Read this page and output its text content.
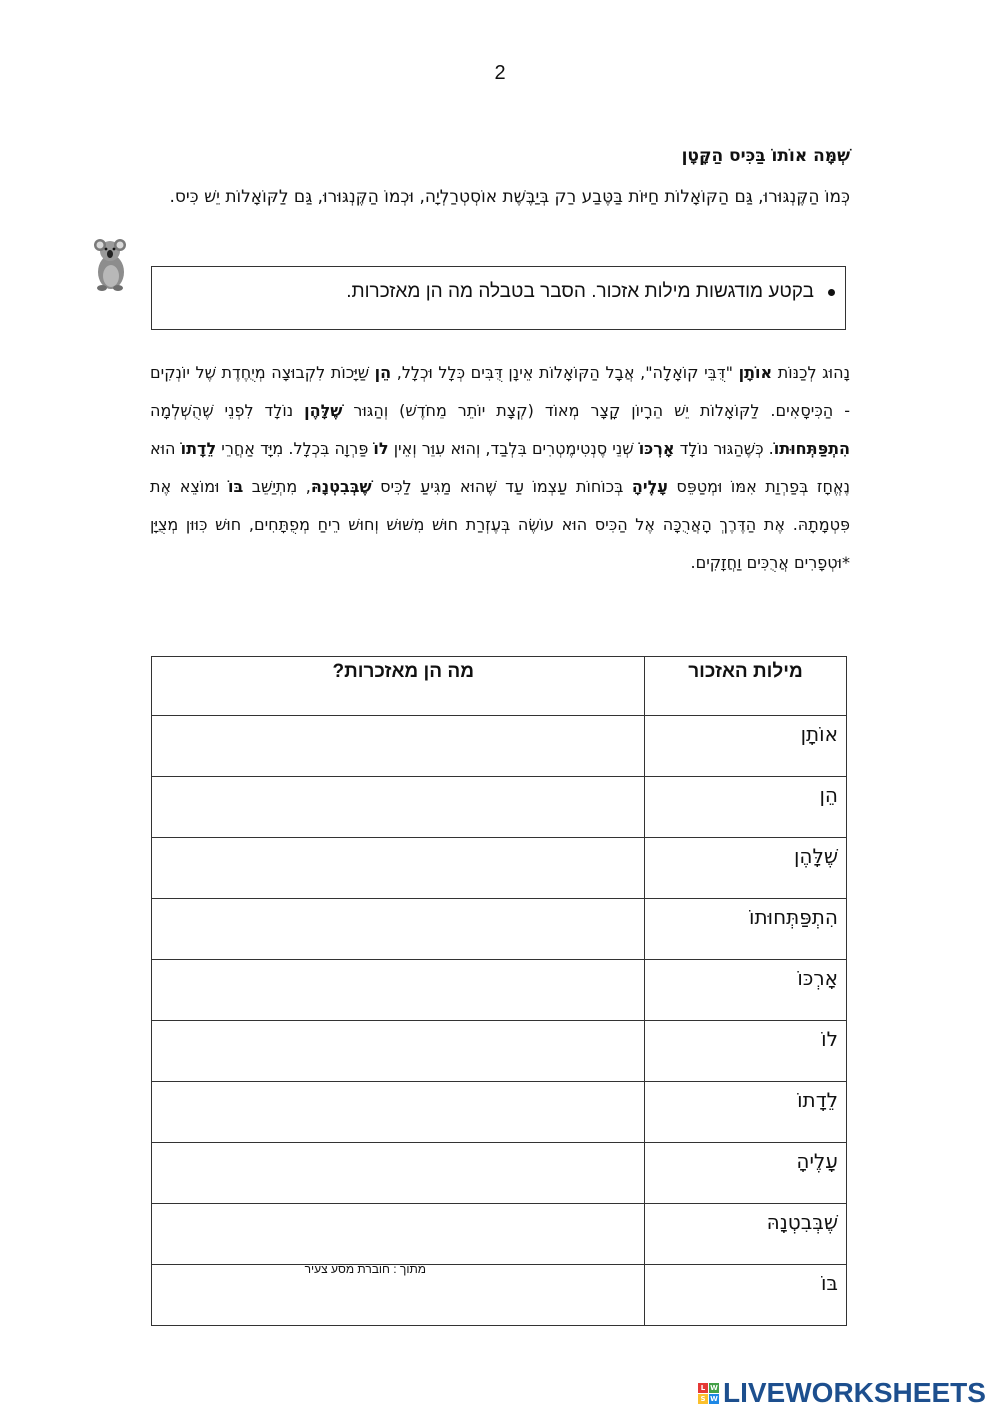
2
שְׁמָּה אוֹתוֹ בַּכִּיס הַקָּטָן
כְּמוֹ הַקֶּנְגּוּרוּ, גַּם הַקּוֹאָלוֹת חַיּוֹת בַּטֶּבַע רַק בְּיַבֶּשֶׁת אוֹסְטְרַלְיָה, וּכְמוֹ הַקֶּנְגּוּרוּ, גַּם לַקּוֹאָלוֹת יֵשׁ כִּיס.
בקטע מודגשות מילות אזכור. הסבר בטבלה מה הן מאזכרות.
נָהוּג לְכַנּוֹת אוֹתָן "דֻּבֵּי קוֹאָלָה", אֲבָל הַקּוֹאָלוֹת אֵינָן דֻּבִּים כְּלָל וּכְלָל, הֵן שַׁיָּכוֹת לִקְבוּצָה מְיֻחֶדֶת שֶׁל יוֹנְקִים - הַכִּיסָאִים. לַקּוֹאָלוֹת יֵשׁ הֵרָיוֹן קָצָר מְאוֹד (קְצָת יוֹתֵר מֵחֹדֶשׁ) וְהַגּוּר שֶׁלָּהֶן נוֹלָד לִפְנֵי שֶׁהֻשְׁלְמָה הִתְפַּתְּחוּתוֹ. כְּשֶׁהַגּוּר נוֹלָד אָרְכּוֹ שְׁנֵי סֶנְטִימֶטְרִים בִּלְבַד, וְהוּא עִוֵּר וְאֵין לוֹ פַּרְוָה בִּכְלָל. מִיָּד אַחֲרֵי לֵדָתוֹ הוּא נֶאֱחָז בְּפַרְוַת אִמּוֹ וּמְטַפֵּס עָלֶיהָ בְּכוֹחוֹת עַצְמוֹ עַד שֶׁהוּא מַגִּיעַ לַכִּיס שֶׁבְּבִטְנָהּ, מִתְיַשֵּׁב בּוֹ וּמוֹצֵא אֶת פִּטְמָתָהּ. אֶת הַדֶּרֶךְ הָאֲרֻכָּה אֶל הַכִּיס הוּא עוֹשֶׂה בְּעֶזְרַת חוּשׁ מִשּׁוּשׁ וְחוּשׁ רֵיחַ מְפֻתָּחִים, חוּשׁ כִּוּוּן מְצֻיָּן *וּטְפָרִים אֲרֻכִּים וַחֲזָקִים.
מילות האזכור	מה הן מאזכרות?
אוֹתָן	
הֵן	
שֶׁלָּהֶן	
הִתְפַּתְּחוּתוֹ	
אָרְכּוֹ	
לוֹ	
לֵדָתוֹ	
עָלֶיהָ	
שֶׁבְּבִטְנָהּ	
בּוֹ	
מתוך : חוברת מסע צעיר
L W
S W LIVEWORKSHEETS
